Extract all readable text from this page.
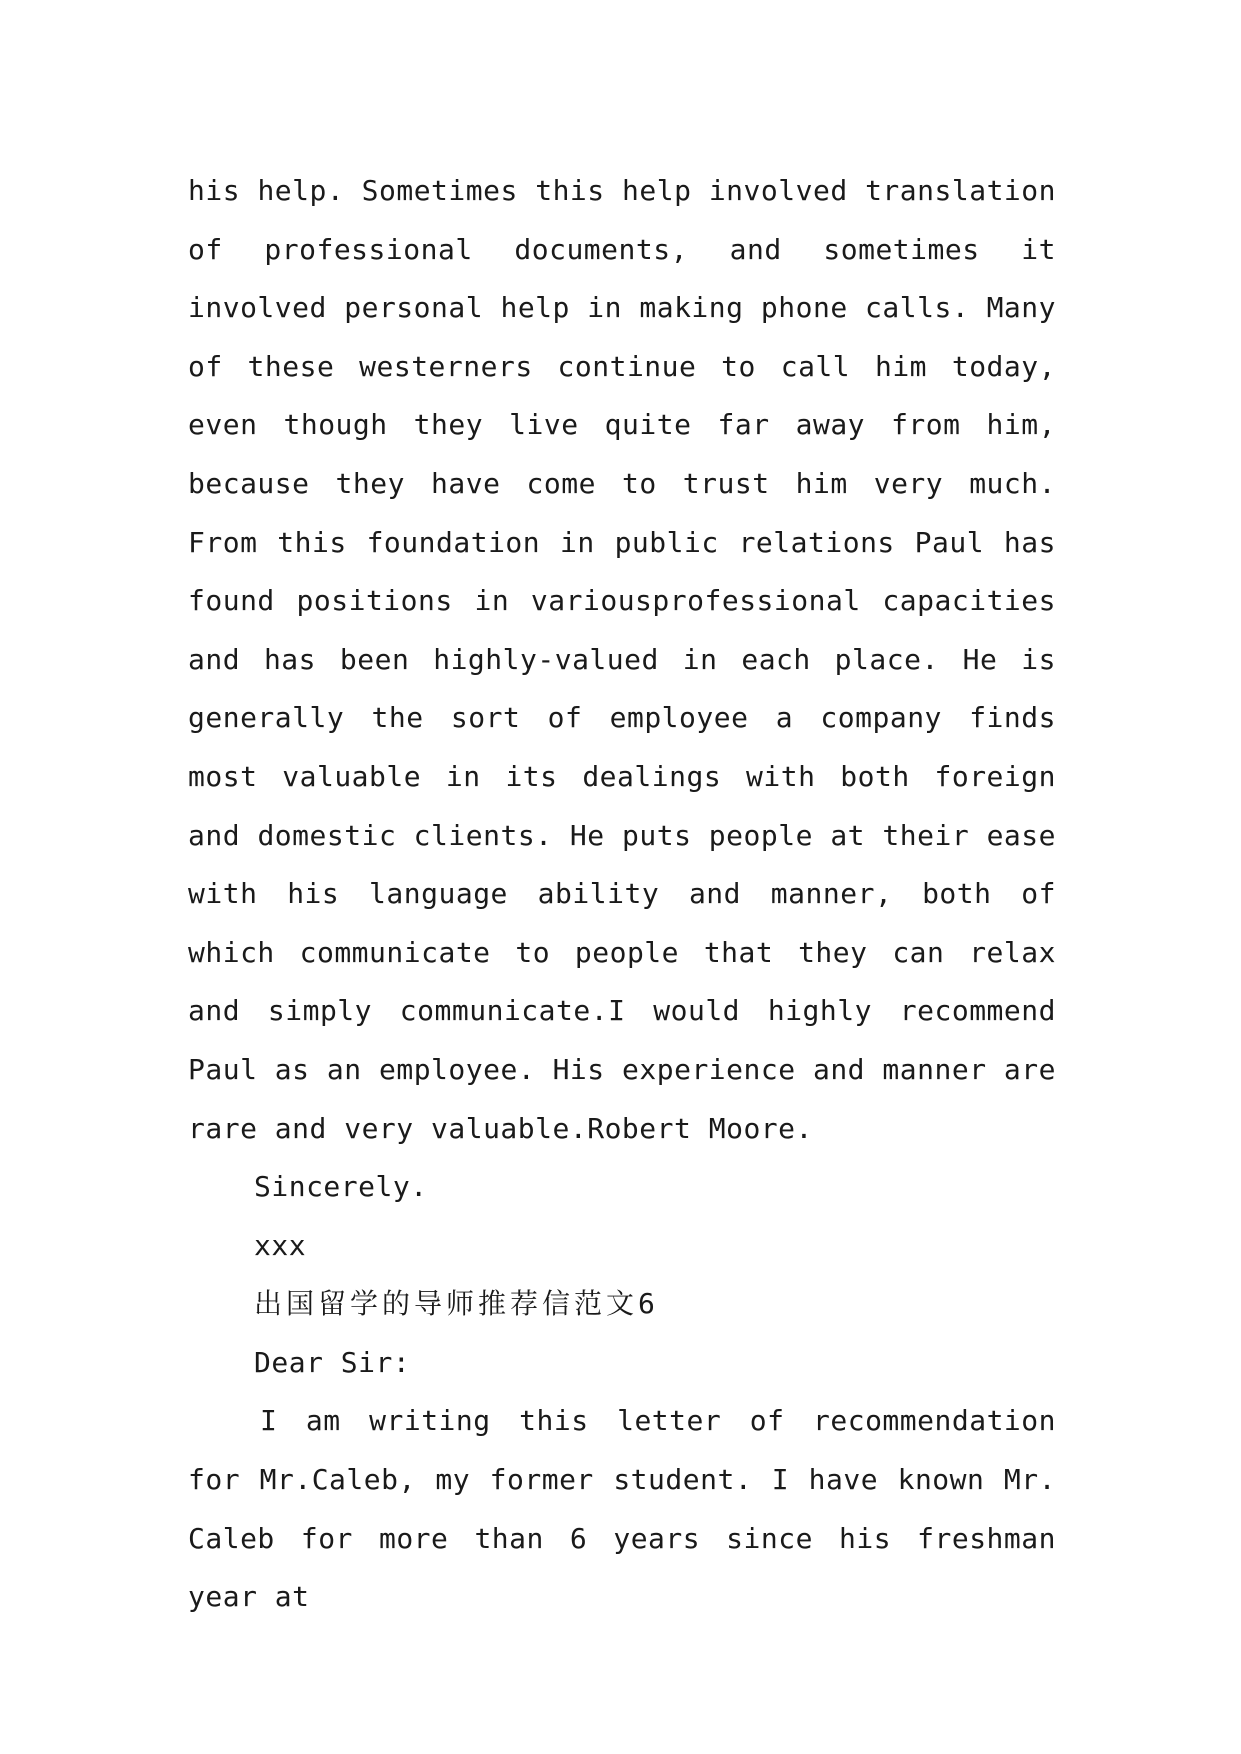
his help. Sometimes this help involved translation of professional documents, and sometimes it involved personal help in making phone calls. Many of these westerners continue to call him today, even though they live quite far away from him, because they have come to trust him very much. From this foundation in public relations Paul has found positions in variousprofessional capacities and has been highly-valued in each place. He is generally the sort of employee a company finds most valuable in its dealings with both foreign and domestic clients. He puts people at their ease with his language ability and manner, both of which communicate to people that they can relax and simply communicate.I would highly recommend Paul as an employee. His experience and manner are rare and very valuable.Robert Moore.

Sincerely.

xxx

出国留学的导师推荐信范文6

Dear Sir:

I am writing this letter of recommendation for Mr.Caleb, my former student. I have known Mr. Caleb for more than 6 years since his freshman year at
